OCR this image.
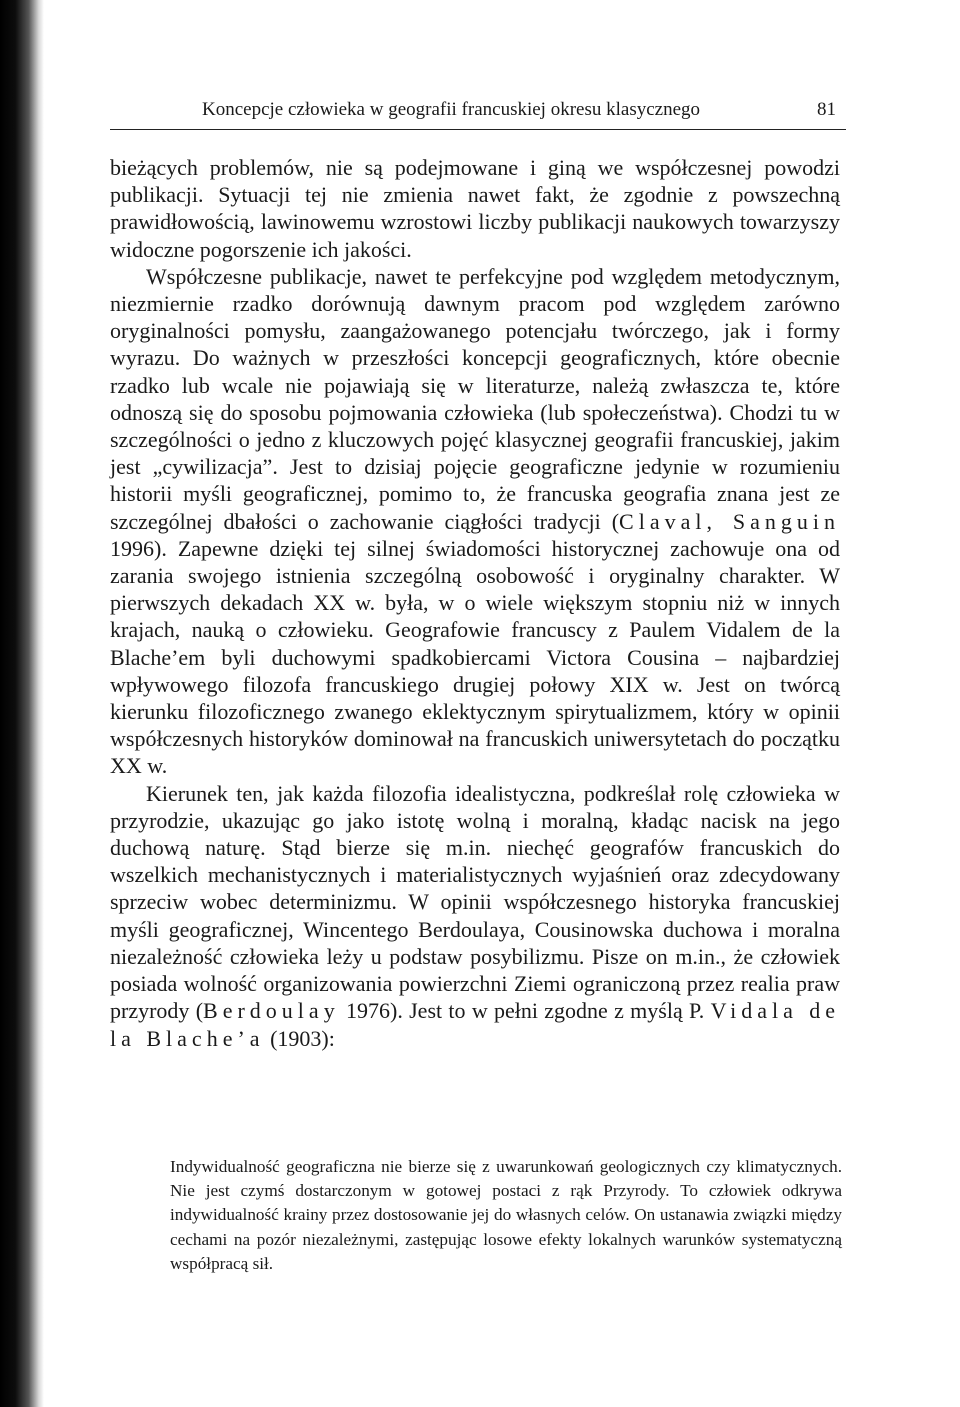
Koncepcje człowieka w geografii francuskiej okresu klasycznego	81

bieżących problemów, nie są podejmowane i giną we współczesnej powodzi publikacji. Sytuacji tej nie zmienia nawet fakt, że zgodnie z powszechną prawidłowością, lawinowemu wzrostowi liczby publikacji naukowych towarzyszy widoczne pogorszenie ich jakości.

Współczesne publikacje, nawet te perfekcyjne pod względem metodycznym, niezmiernie rzadko dorównują dawnym pracom pod względem zarówno oryginalności pomysłu, zaangażowanego potencjału twórczego, jak i formy wyrazu. Do ważnych w przeszłości koncepcji geograficznych, które obecnie rzadko lub wcale nie pojawiają się w literaturze, należą zwłaszcza te, które odnoszą się do sposobu pojmowania człowieka (lub społeczeństwa). Chodzi tu w szczególności o jedno z kluczowych pojęć klasycznej geografii francuskiej, jakim jest „cywilizacja”. Jest to dzisiaj pojęcie geograficzne jedynie w rozumieniu historii myśli geograficznej, pomimo to, że francuska geografia znana jest ze szczególnej dbałości o zachowanie ciągłości tradycji (Claval, Sanguin 1996). Zapewne dzięki tej silnej świadomości historycznej zachowuje ona od zarania swojego istnienia szczególną osobowość i oryginalny charakter. W pierwszych dekadach XX w. była, w o wiele większym stopniu niż w innych krajach, nauką o człowieku. Geografowie francuscy z Paulem Vidalem de la Blache’em byli duchowymi spadkobiercami Victora Cousina – najbardziej wpływowego filozofa francuskiego drugiej połowy XIX w. Jest on twórcą kierunku filozoficznego zwanego eklektycznym spirytualizmem, który w opinii współczesnych historyków dominował na francuskich uniwersytetach do początku XX w.

Kierunek ten, jak każda filozofia idealistyczna, podkreślał rolę człowieka w przyrodzie, ukazując go jako istotę wolną i moralną, kładąc nacisk na jego duchową naturę. Stąd bierze się m.in. niechęć geografów francuskich do wszelkich mechanistycznych i materialistycznych wyjaśnień oraz zdecydowany sprzeciw wobec determinizmu. W opinii współczesnego historyka francuskiej myśli geograficznej, Wincentego Berdoulaya, Cousinowska duchowa i moralna niezależność człowieka leży u podstaw posybilizmu. Pisze on m.in., że człowiek posiada wolność organizowania powierzchni Ziemi ograniczoną przez realia praw przyrody (Berdoulay 1976). Jest to w pełni zgodne z myślą P. Vidala de la Blache’a (1903):

Indywidualność geograficzna nie bierze się z uwarunkowań geologicznych czy klimatycznych. Nie jest czymś dostarczonym w gotowej postaci z rąk Przyrody. To człowiek odkrywa indywidualność krainy przez dostosowanie jej do własnych celów. On ustanawia związki między cechami na pozór niezależnymi, zastępując losowe efekty lokalnych warunków systematyczną współpracą sił.
